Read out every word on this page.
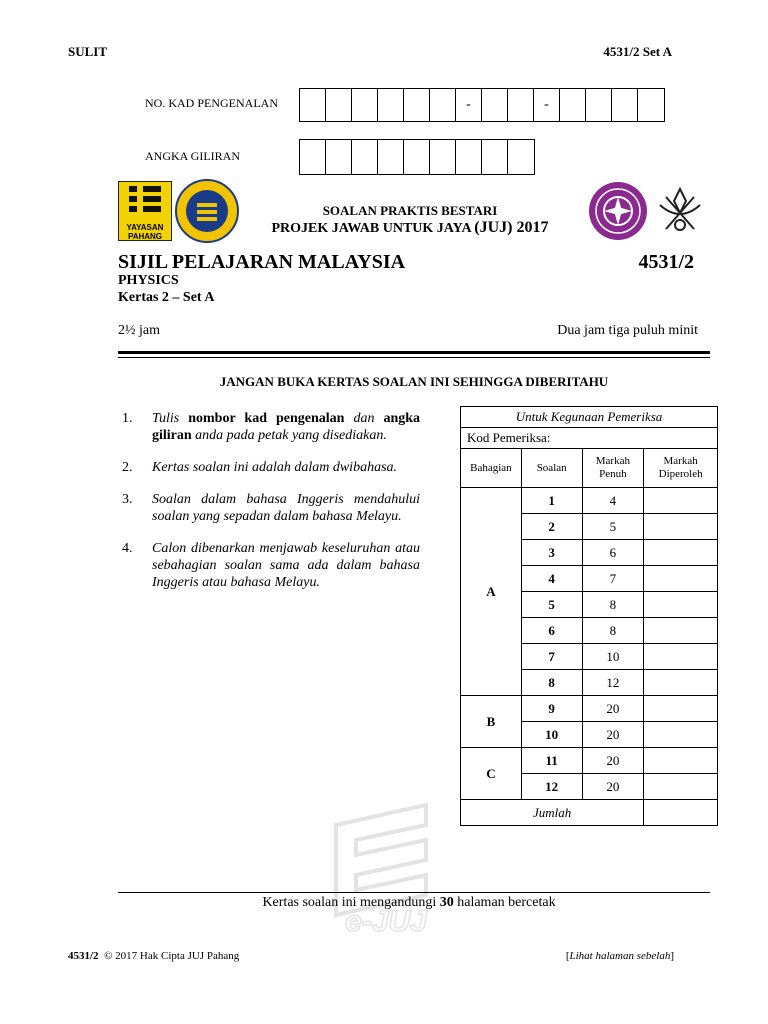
SULIT	4531/2 Set A
NO. KAD PENGENALAN	-	-
ANGKA GILIRAN
YAYASAN
PAHANG
SOALAN PRAKTIS BESTARI
PROJEK JAWAB UNTUK JAYA (JUJ) 2017
SIJIL PELAJARAN MALAYSIA	4531/2
PHYSICS
Kertas 2 – Set A
2½ jam	Dua jam tiga puluh minit
JANGAN BUKA KERTAS SOALAN INI SEHINGGA DIBERITAHU
1.	Tulis nombor kad pengenalan dan angka giliran anda pada petak yang disediakan.
2.	Kertas soalan ini adalah dalam dwibahasa.
3.	Soalan dalam bahasa Inggeris mendahului soalan yang sepadan dalam bahasa Melayu.
4.	Calon dibenarkan menjawab keseluruhan atau sebahagian soalan sama ada dalam bahasa Inggeris atau bahasa Melayu.
Untuk Kegunaan Pemeriksa			
Kod Pemeriksa:			
Bahagian	Soalan	Markah Penuh	Markah Diperoleh
A	1	4	
	2	5	
	3	6	
	4	7	
	5	8	
	6	8	
	7	10	
	8	12	
B	9	20	
	10	20	
C	11	20	
	12	20	
Jumlah			
e-JUJ
Kertas soalan ini mengandungi 30 halaman bercetak
4531/2 © 2017 Hak Cipta JUJ Pahang	[Lihat halaman sebelah]
